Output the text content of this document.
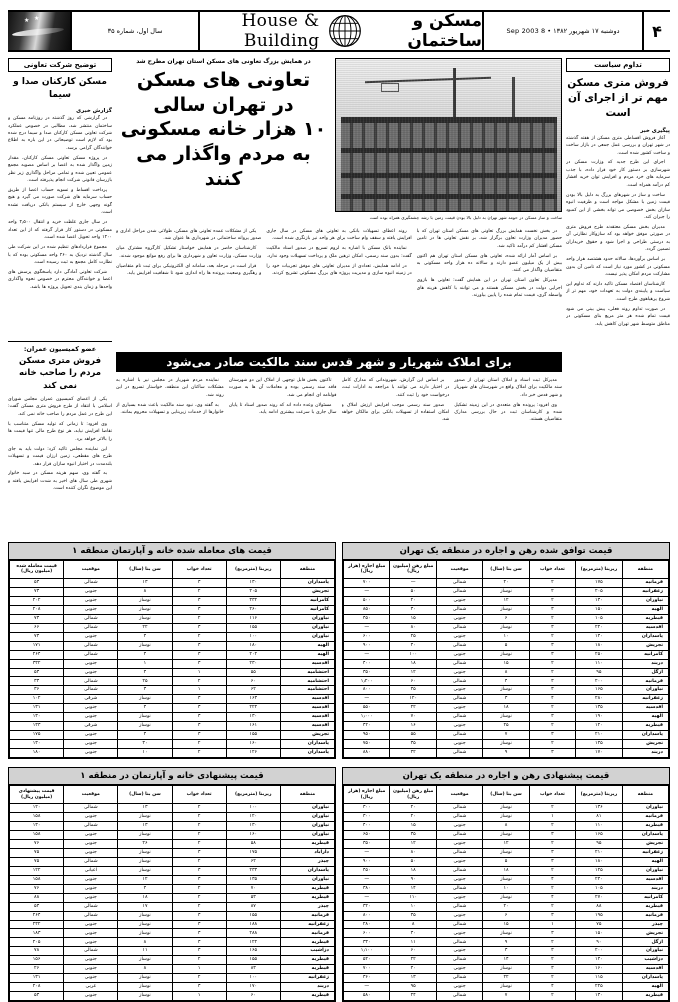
۴
دوشنبه ۱۷ شهریور ۱۳۸۲ • 8 Sep 2003
مسکن و ساختمان
House & Building
سال اول، شماره ۳۵
★ ★
تداوم سیاست
فروش متری مسکن مهم تر از اجرای آن است
پیگیری خبر

آغاز فروش اقساطی متری مسکن از هفته گذشته در شهر تهران و بررسی عمل جمعی در بازار ساخت و ساخت کشور شده است.

اجرای این طرح جدید که وزارت مسکن در شهرسازی بر دستور کار خود قرار داده، با جذب سرمایه های خرد مردم و افزایش توان خرید اقشار کم درآمد همراه است.

ساخت و ساز در شهرهای بزرگ به دلیل بالا بودن قیمت زمین با مشکل مواجه است و ظرفیت انبوه سازان بخش خصوصی می تواند بخشی از این کمبود را جبران کند.

مدیران بخش مسکن معتقدند طرح فروش متری در صورتی موفق خواهد بود که سازوکار نظارتی آن به درستی طراحی و اجرا شود و حقوق خریداران تضمین گردد.

بر اساس برآوردها، سالانه حدود هشتصد هزار واحد مسکونی در کشور مورد نیاز است که تامین آن بدون مشارکت مردم امکان پذیر نیست.

کارشناسان اقتصاد مسکن تاکید دارند که تداوم این سیاست و پایبندی دولت به تعهدات خود، مهم تر از شروع پرهیاهوی طرح است.

در صورت تداوم روند فعلی، پیش بینی می شود قیمت تمام شده هر متر مربع بنای مسکونی در مناطق متوسط شهر تهران کاهش یابد.

در همایش بزرگ تعاونی های مسکن استان تهران مطرح شد
تعاونی های مسکن
در تهران سالی
۱۰ هزار خانه مسکونی
به مردم واگذار می کنند
ساخت و ساز مسکن در حومه شهر تهران به دلیل بالا بودن قیمت زمین با رشد چشمگیری همراه بوده است

در بخش نخست همایش بزرگ تعاونی های مسکن استان تهران که با حضور مدیران وزارت تعاون برگزار شد، بر نقش تعاونی ها در تامین مسکن اقشار کم درآمد تاکید شد.

بر اساس آمار ارائه شده، تعاونی های مسکن استان تهران هم اکنون بیش از یک میلیون عضو دارند و سالانه ده هزار واحد مسکونی به متقاضیان واگذار می کنند.

مدیرکل تعاون استان تهران در این همایش گفت: تعاونی ها بازوی اجرایی دولت در بخش مسکن هستند و می توانند با کاهش هزینه های واسطه گری، قیمت تمام شده را پایین بیاورند.

روند اعطای تسهیلات بانکی به تعاونی های مسکن در سال جاری افزایش یافته و سقف وام ساخت برای هر واحد نیز بازنگری شده است.

نماینده بانک مسکن با اشاره به لزوم تسریع در صدور اسناد مالکیت گفت: بدون سند رسمی، امکان ترهین ملک و پرداخت تسهیلات وجود ندارد.

در ادامه همایش، تعدادی از مدیران تعاونی های موفق تجربیات خود را در زمینه انبوه سازی و مدیریت پروژه های بزرگ مسکونی تشریح کردند.

یکی از مشکلات عمده تعاونی های مسکن، طولانی شدن مراحل اداری و صدور پروانه ساختمانی در شهرداری ها عنوان شد.

کارشناسان حاضر در همایش خواستار تشکیل کارگروه مشترک میان وزارت مسکن، وزارت تعاون و شهرداری ها برای رفع موانع موجود شدند.

قرار است در مرحله بعد، سامانه ای الکترونیکی برای ثبت نام متقاضیان و رهگیری وضعیت پرونده ها راه اندازی شود تا شفافیت افزایش یابد.

برای املاک شهریار و شهر قدس سند مالکیت صادر می‌شود

مدیرکل ثبت اسناد و املاک استان تهران از صدور سند مالکیت برای املاک واقع در شهرستان های شهریار و شهر قدس خبر داد.

وی افزود: پرونده های متعددی در این زمینه تشکیل شده و کارشناسان ثبت در حال بررسی مدارک متقاضیان هستند.

بر اساس این گزارش، شهروندانی که مدارک کامل در اختیار دارند می توانند با مراجعه به ادارات ثبت، درخواست خود را ثبت کنند.

صدور سند رسمی موجب افزایش ارزش املاک و امکان استفاده از تسهیلات بانکی برای مالکان خواهد شد.

تاکنون بخش قابل توجهی از املاک این دو شهرستان فاقد سند رسمی بوده و معاملات آن ها به صورت قولنامه ای انجام می شد.

مسئولان وعده داده اند که روند صدور اسناد تا پایان سال جاری با سرعت بیشتری ادامه یابد.

نماینده مردم شهریار در مجلس نیز با اشاره به مشکلات ساکنان این منطقه، خواستار تسریع در این روند شد.

به گفته وی، نبود سند مالکیت باعث شده بسیاری از خانوارها از خدمات زیربنایی و تسهیلات محروم بمانند.

توضیح شرکت تعاونی
مسکن کارکنان صدا و سیما
گزارش خبری

در گزارشی که روز گذشته در روزنامه مسکن و ساختمان منتشر شد، مطالبی در خصوص عملکرد شرکت تعاونی مسکن کارکنان صدا و سیما درج شده بود که لازم است توضیحاتی در این باره به اطلاع خوانندگان گرامی برسد.

در پروژه مسکن تعاونی مسکن کارکنان، مقدار زمین واگذار شده به اعضا بر اساس مصوبه مجمع عمومی تعیین شده و تمامی مراحل واگذاری زیر نظر بازرسان قانونی شرکت انجام پذیرفته است.

پرداخت اقساط و تسویه حساب اعضا از طریق حساب سرمایه های شرکت صورت می گیرد و هیچ گونه وجهی خارج از سیستم بانکی دریافت نشده است.

در سال جاری غلظت خرید و انتقال ۲٫۵۰۰ واحد مسکونی در دستور کار قرار گرفته که از این تعداد ۱۲۰۰ واحد تحویل اعضا شده است.

مجموع قراردادهای تنظیم شده در این شرکت طی سال گذشته نزدیک به ۲۶۰ واحد مسکونی بوده که با نظارت کامل مجمع به ثبت رسیده است.

شرکت تعاونی آمادگی دارد پاسخگوی پرسش های اعضا و خوانندگان محترم در خصوص نحوه واگذاری واحدها و زمان بندی تحویل پروژه ها باشد.

عضو کمیسیون عمران:
فروش متری مسکن مردم را صاحب خانه نمی کند

یکی از اعضای کمیسیون عمران مجلس شورای اسلامی با انتقاد از طرح فروش متری مسکن گفت: این طرح در عمل مردم را صاحب خانه نمی کند.

وی افزود: تا زمانی که تولید مسکن متناسب با تقاضا افزایش نیابد، هر نوع طرح مالی تنها قیمت ها را بالاتر خواهد برد.

این نماینده مجلس تاکید کرد: دولت باید به جای طرح های مقطعی، زمین ارزان قیمت و تسهیلات بلندمدت در اختیار انبوه سازان قرار دهد.

به گفته وی، سهم هزینه مسکن در سبد خانوار شهری طی سال های اخیر به شدت افزایش یافته و این موضوع نگران کننده است.

قیمت توافق شده رهن و اجاره در منطقه یک تهران
منطقه	زیربنا (مترمربع)	تعداد خواب	سن بنا (سال)	موقعیت	مبلغ رهن (میلیون ریال)	مبلغ اجاره (هزار ریال)
فرمانیه	۱۷۵	۲	۲۰	شمالی	—	۷۰۰
زعفرانیه	۲۰۵	۲	نوساز	شمالی	۵۰	—
نیاوران	۱۳۰	۲	۱۲	جنوبی	۲۰	۵۰۰
الهیه	۱۵۰	۳	نوساز	شمالی	۳۰	۸۵۰
قیطریه	۱۰۵	۲	۶	جنوبی	۱۵	۴۵۰
اقدسیه	۲۲۰	۳	نوساز	شمالی	۸۰	—
پاسداران	۱۴۰	۲	۱۰	جنوبی	۲۵	۶۰۰
تجریش	۱۸۰	۳	۵	شمالی	۴۰	۹۰۰
کامرانیه	۲۵۰	۳	نوساز	جنوبی	۱۰۰	—
دربند	۱۱۰	۲	۱۵	شمالی	۱۸	۴۰۰
ازگل	۹۵	۲	۸	جنوبی	۱۲	۳۵۰
فرمانیه	۲۰۰	۳	۴	شمالی	۶۰	۱٫۲۰۰
نیاوران	۱۶۵	۳	نوساز	جنوبی	۴۵	۸۰۰
زعفرانیه	۲۸۰	۴	۳	شمالی	۱۲۰	—
اقدسیه	۱۳۵	۲	۱۸	جنوبی	۲۲	۵۵۰
الهیه	۱۹۰	۳	نوساز	شمالی	۷۰	۱٫۰۰۰
قیطریه	۱۲۰	۲	۲۵	جنوبی	۱۶	۴۲۰
پاسداران	۲۱۰	۳	۷	شمالی	۵۵	۹۵۰
تجریش	۱۴۵	۲	نوساز	جنوبی	۳۵	۷۵۰
دربند	۱۷۰	۳	۹	شمالی	۴۲	۸۸۰
قیمت های معامله شده خانه و آپارتمان منطقه ۱
منطقه	زیربنا (مترمربع)	تعداد خواب	سن بنا (سال)	موقعیت	قیمت معامله شده (میلیون ریال)
پاسداران	۱۳۰	۳	۱۳	شمالی	۵۳
تجریش	۲۰۵	۲	۸	جنوبی	۷۳
کامرانیه	۳۳۲	۳	نوساز	جنوبی	۲۰۲
کامرانیه	۲۶۰	۳	نوساز	جنوبی	۲۰۸
نیاوران	۱۱۶	۲	نوساز	شمالی	۷۳
نیاوران	۱۵۵	۳	۲۲	شمالی	۶۶
نیاوران	۱۰۰	۲	۴	جنوبی	۷۳
الهیه	۱۸۰	۳	نوساز	شمالی	۱۷۱
الهیه	۲۰۲	۳	۴	شمالی	۲۶۴
اقدسیه	۲۳۰	۳	۱	جنوبی	۳۳۲
احتشامیه	۵۵	۱	۴	جنوبی	۵۳
احتشامیه	۶۰	۲	۲۵	شمالی	۳۳
احتشامیه	۶۲	۱	۳	شمالی	۳۶
اقدسیه	۱۶۳	۳	نوساز	شرقی	۱۰۲
اقدسیه	۲۲۴	۳	۴	جنوبی	۱۳۱
اقدسیه	۱۳۰	۳	نوساز	جنوبی	۱۳۰
اقدسیه	۱۶۱	۳	نوساز	شرقی	۱۳۳
تجریش	۱۵۵	۳	۴	جنوبی	۱۷۵
پاسداران	۱۶۰	۲	۳۰	جنوبی	۱۳۰
پاسداران	۱۲۶	۲	۱۰	جنوبی	۱۸۰
قیمت پیشنهادی رهن و اجاره در منطقه یک تهران
منطقه	زیربنا (مترمربع)	تعداد خواب	سن بنا (سال)	موقعیت	مبلغ رهن (میلیون ریال)	مبلغ اجاره (هزار ریال)
نیاوران	۱۳۶	۲	نوساز	شمالی	۲۰	۳۰۰
فرمانیه	۸۱	۱	نوساز	شمالی	۲۰	۳۰۰
قیطریه	۱۱۰	۲	۸	جنوبی	۱۵	۴۰۰
پاسداران	۱۶۵	۳	نوساز	شمالی	۳۵	۶۵۰
تجریش	۹۵	۲	۱۲	جنوبی	۱۲	۳۵۰
زعفرانیه	۲۱۰	۳	نوساز	شمالی	۸۰	—
الهیه	۱۸۰	۳	۵	جنوبی	۵۰	۹۰۰
نیاوران	۱۲۵	۲	۱۸	شمالی	۱۸	۴۵۰
اقدسیه	۲۴۰	۴	نوساز	جنوبی	۹۰	—
دربند	۱۰۵	۲	۱۰	شمالی	۱۴	۳۸۰
کامرانیه	۲۷۰	۴	نوساز	جنوبی	۱۱۰	—
قیطریه	۸۸	۲	۲۰	شمالی	۱۰	۳۲۰
فرمانیه	۱۹۵	۳	۶	جنوبی	۴۵	۸۰۰
چیذر	۷۵	۱	۱۵	شمالی	۸	۲۸۰
تجریش	۱۵۰	۳	نوساز	جنوبی	۳۰	۶۰۰
ازگل	۹۰	۲	۹	شمالی	۱۱	۳۳۰
نیاوران	۲۰۰	۳	۳	جنوبی	۶۰	۱٫۱۰۰
دزاشیب	۱۴۰	۲	۱۴	شمالی	۲۲	۵۲۰
اقدسیه	۱۶۰	۳	نوساز	جنوبی	۴۰	۷۰۰
پاسداران	۱۱۵	۲	۲۲	شمالی	۱۳	۳۶۰
الهیه	۲۲۵	۴	نوساز	جنوبی	۹۵	—
قیطریه	۱۳۰	۲	۷	شمالی	۲۴	۵۸۰
قیمت پیشنهادی خانه و آپارتمان در منطقه ۱
منطقه	زیربنا (مترمربع)	تعداد خواب	سن بنا (سال)	موقعیت	قیمت پیشنهادی (میلیون ریال)
نیاوران	۱۰۰	۲	۱۳	شمالی	۱۲۰
نیاوران	۱۲۰	۲	نوساز	جنوبی	۱۵۸
نیاوران	۱۳۰	۲	۱۳	شمالی	۱۳۰
نیاوران	۱۶۰	۲	نوساز	جنوبی	۱۵۸
قیطریه	۵۸	۲	۲۶	جنوبی	۷۶
دارآباد	۱۷۵	۳	نوساز	جنوبی	۷۵
چیذر	۶۲	۲	نوساز	شمالی	۷۵
پاسداران	۲۳۳	۳	نوساز	اعیانی	۱۲۲
نیاوران	۱۳۵	۳	۱۲	جنوبی	۱۵۸
قیطریه	۷۰	۲	۴	جنوبی	۷۶
قیطریه	۵۳	۲	۱۸	جنوبی	۸۸
چیذر	۸۷	۲	۱۷	شمالی	۵۳
فرمانیه	۱۵۵	۳	نوساز	شمالی	۲۶۴
زعفرانیه	۱۸۸	۳	نوساز	جنوبی	۲۳۲
فرمانیه	۲۸۸	۳	نوساز	جنوبی	۱۸۳
قیطریه	۱۲۲	۳	۸	جنوبی	۲۰۵
دزاشیب	۱۶۵	۳	۱۱	شمالی	۷۸
قیطریه	۱۵۵	۲	نوساز	جنوبی	۱۵۶
قیطریه	۸۳	۱	۸	جنوبی	۲۶
زعفرانیه	۱۰۰	۲	نوساز	جنوبی	۱۳۱
دربند	۱۷۰	۳	نوساز	غربی	۲۰۸
قیطریه	۶۰	۱	نوساز	جنوبی	۵۳
